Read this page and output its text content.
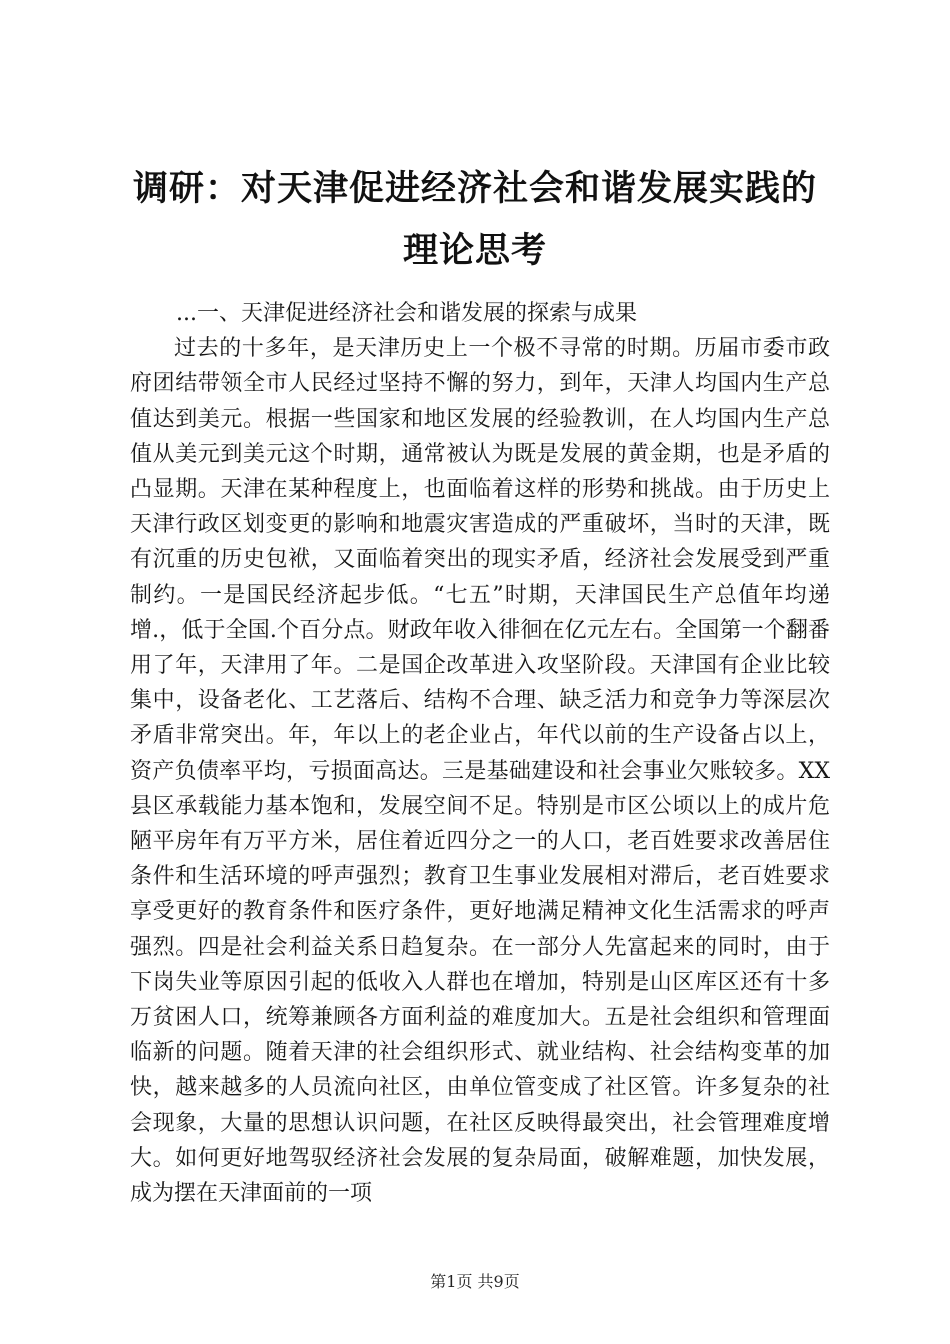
调研：对天津促进经济社会和谐发展实践的理论思考

...一、天津促进经济社会和谐发展的探索与成果

过去的十多年，是天津历史上一个极不寻常的时期。历届市委市政府团结带领全市人民经过坚持不懈的努力，到年，天津人均国内生产总值达到美元。根据一些国家和地区发展的经验教训，在人均国内生产总值从美元到美元这个时期，通常被认为既是发展的黄金期，也是矛盾的凸显期。天津在某种程度上，也面临着这样的形势和挑战。由于历史上天津行政区划变更的影响和地震灾害造成的严重破坏，当时的天津，既有沉重的历史包袱，又面临着突出的现实矛盾，经济社会发展受到严重制约。一是国民经济起步低。“七五”时期，天津国民生产总值年均递增.，低于全国.个百分点。财政年收入徘徊在亿元左右。全国第一个翻番用了年，天津用了年。二是国企改革进入攻坚阶段。天津国有企业比较集中，设备老化、工艺落后、结构不合理、缺乏活力和竞争力等深层次矛盾非常突出。年，年以上的老企业占，年代以前的生产设备占以上，资产负债率平均，亏损面高达。三是基础建设和社会事业欠账较多。XX县区承载能力基本饱和，发展空间不足。特别是市区公顷以上的成片危陋平房年有万平方米，居住着近四分之一的人口，老百姓要求改善居住条件和生活环境的呼声强烈；教育卫生事业发展相对滞后，老百姓要求享受更好的教育条件和医疗条件，更好地满足精神文化生活需求的呼声强烈。四是社会利益关系日趋复杂。在一部分人先富起来的同时，由于下岗失业等原因引起的低收入人群也在增加，特别是山区库区还有十多万贫困人口，统筹兼顾各方面利益的难度加大。五是社会组织和管理面临新的问题。随着天津的社会组织形式、就业结构、社会结构变革的加快，越来越多的人员流向社区，由单位管变成了社区管。许多复杂的社会现象，大量的思想认识问题，在社区反映得最突出，社会管理难度增大。如何更好地驾驭经济社会发展的复杂局面，破解难题，加快发展，成为摆在天津面前的一项

第1页 共9页
